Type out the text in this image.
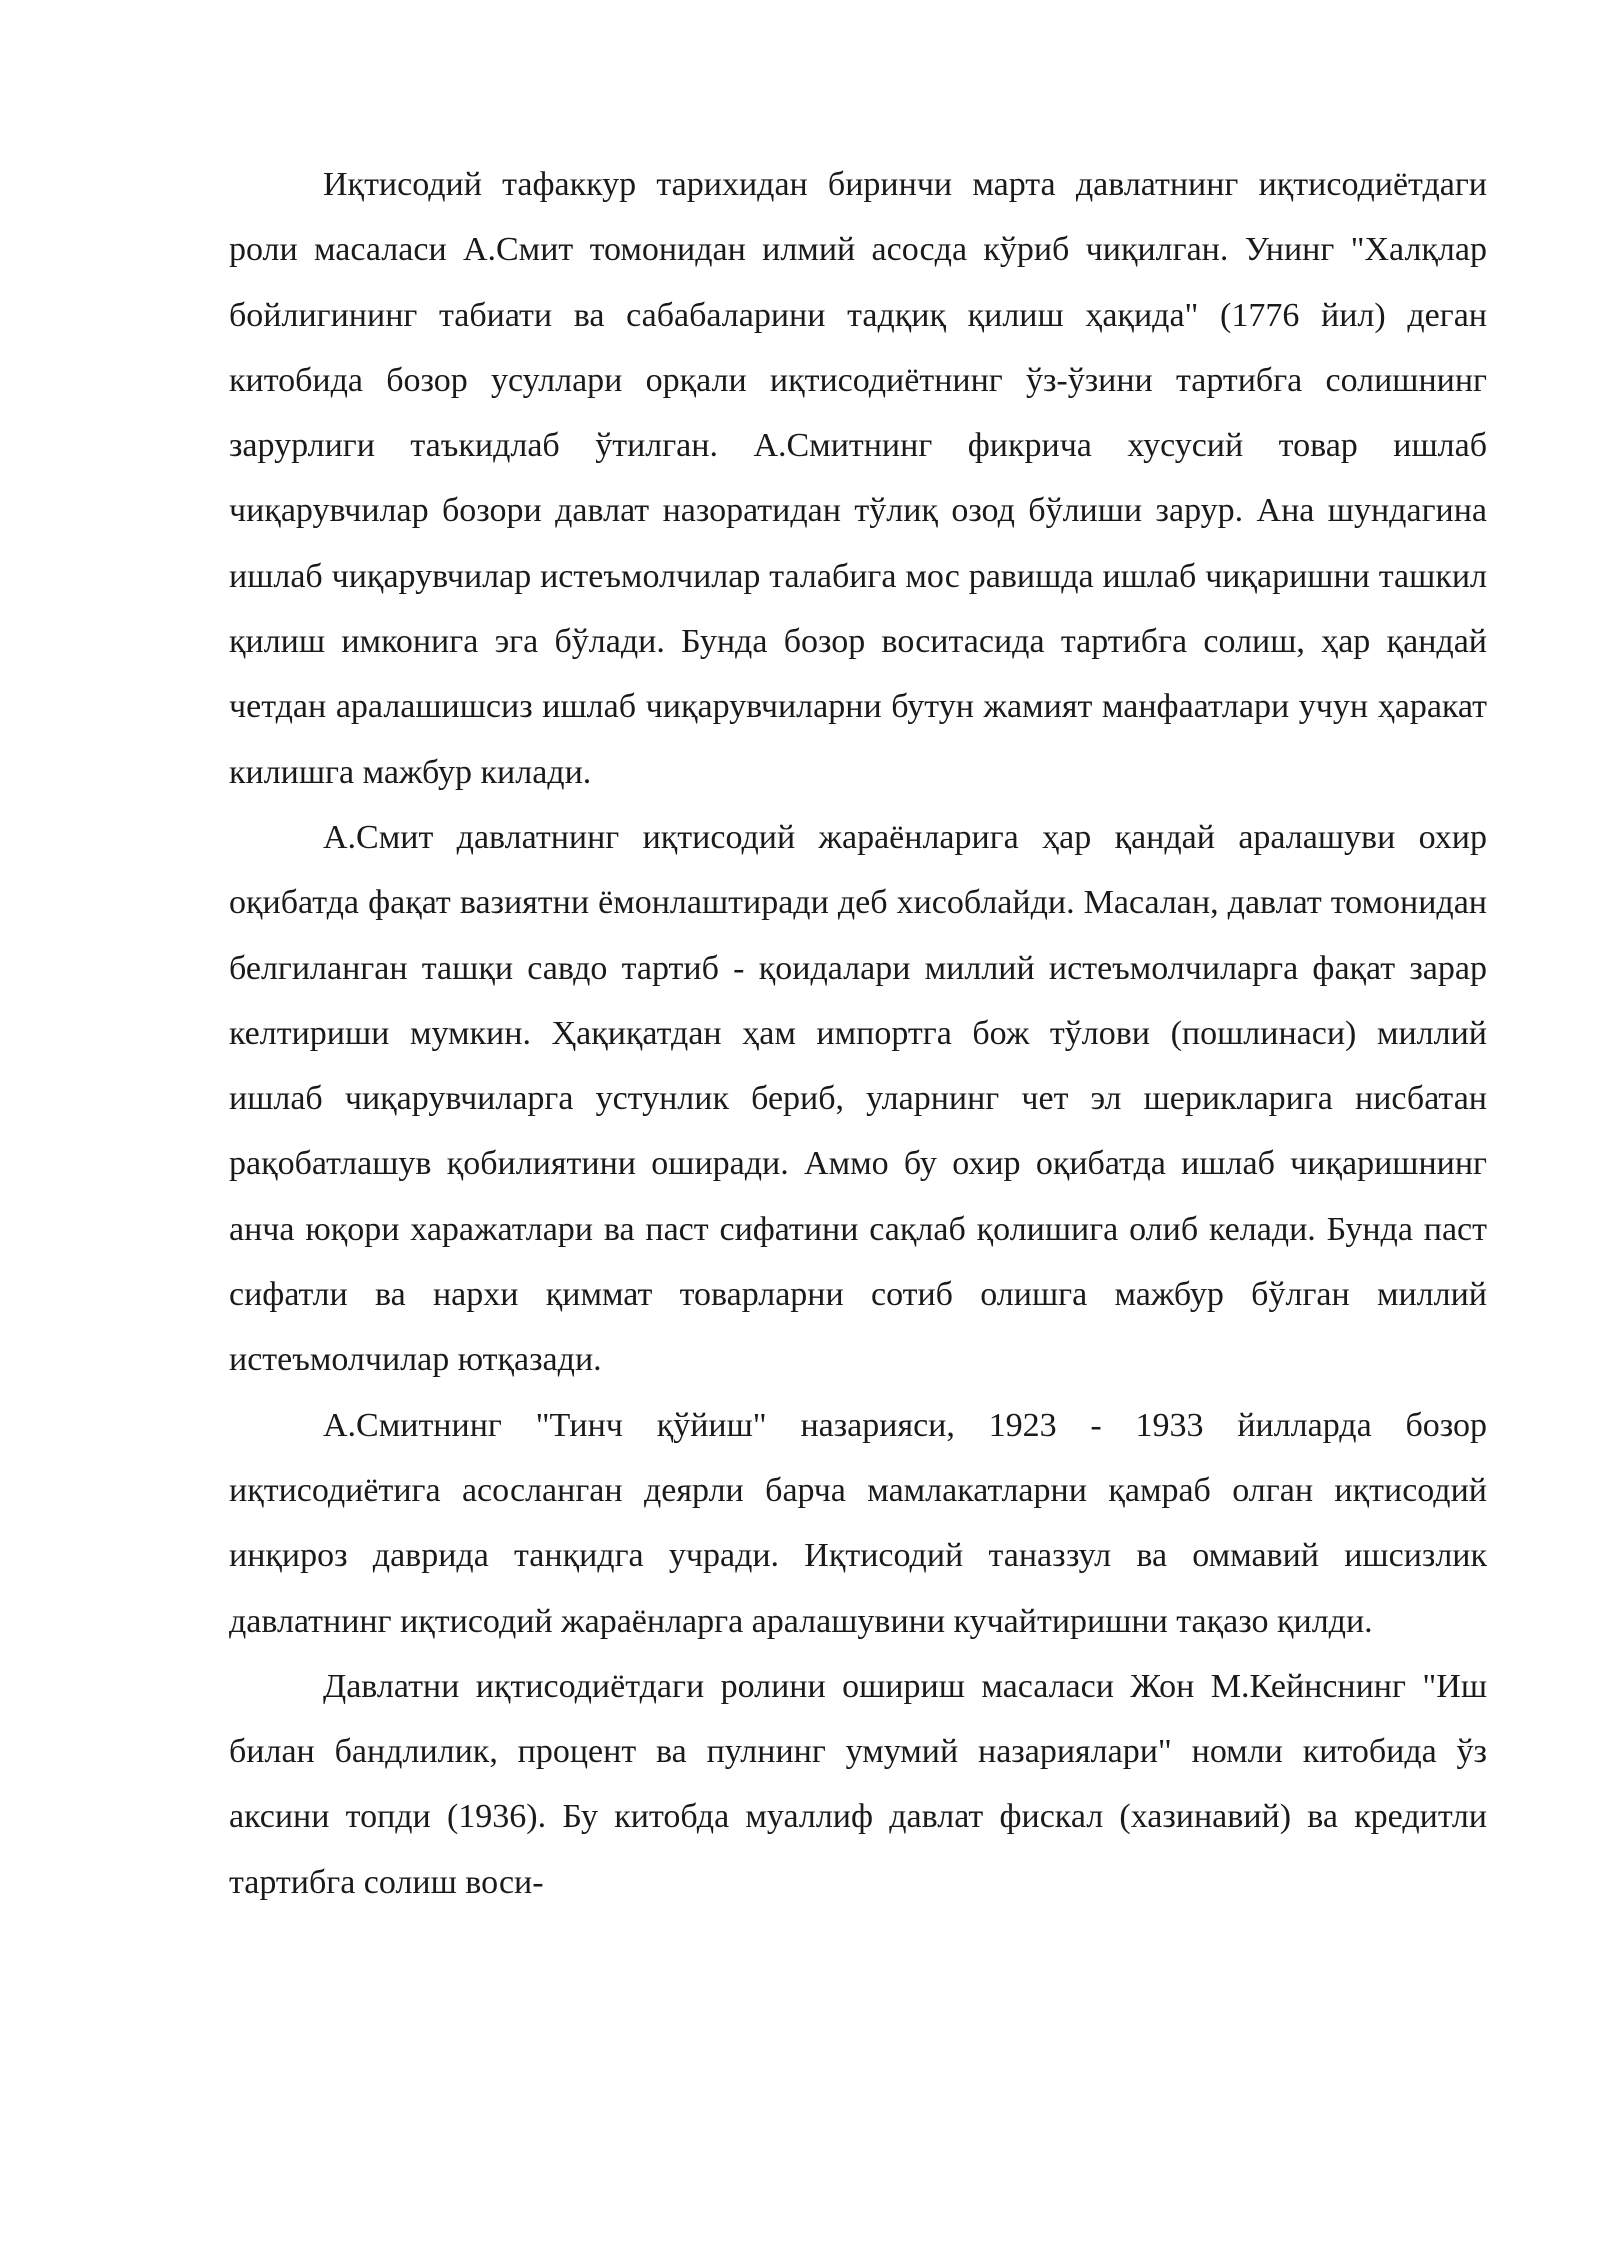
Иқтисодий тафаккур тарихидан биринчи марта давлатнинг иқтисодиётдаги роли масаласи А.Смит томонидан илмий асосда кўриб чиқилган. Унинг "Халқлар бойлигининг табиати ва сабабаларини тадқиқ қилиш ҳақида" (1776 йил) деган китобида бозор усуллари орқали иқтисодиётнинг ўз-ўзини тартибга солишнинг зарурлиги таъкидлаб ўтилган. А.Смитнинг фикрича хусусий товар ишлаб чиқарувчилар бозори давлат назоратидан тўлиқ озод бўлиши зарур. Ана шундагина ишлаб чиқарувчилар истеъмолчилар талабига мос равишда ишлаб чиқаришни ташкил қилиш имконига эга бўлади. Бунда бозор воситасида тартибга солиш, ҳар қандай четдан аралашишсиз ишлаб чиқарувчиларни бутун жамият манфаатлари учун ҳаракат килишга мажбур килади.

А.Смит давлатнинг иқтисодий жараёнларига ҳар қандай аралашуви охир оқибатда фақат вазиятни ёмонлаштиради деб хисоблайди. Масалан, давлат томонидан белгиланган ташқи савдо тартиб - қоидалари миллий истеъмолчиларга фақат зарар келтириши мумкин. Ҳақиқатдан ҳам импортга бож тўлови (пошлинаси) миллий ишлаб чиқарувчиларга устунлик бериб, уларнинг чет эл шерикларига нисбатан рақобатлашув қобилиятини оширади. Аммо бу охир оқибатда ишлаб чиқаришнинг анча юқори харажатлари ва паст сифатини сақлаб қолишига олиб келади. Бунда паст сифатли ва нархи қиммат товарларни сотиб олишга мажбур бўлган миллий истеъмолчилар ютқазади.

А.Смитнинг "Тинч қўйиш" назарияси, 1923 - 1933 йилларда бозор иқтисодиётига асосланган деярли барча мамлакатларни қамраб олган иқтисодий инқироз даврида танқидга учради. Иқтисодий таназзул ва оммавий ишсизлик давлатнинг иқтисодий жараёнларга аралашувини кучайтиришни тақазо қилди.

Давлатни иқтисодиётдаги ролини ошириш масаласи Жон М.Кейнснинг "Иш билан бандлилик, процент ва пулнинг умумий назариялари" номли китобида ўз аксини топди (1936). Бу китобда муаллиф давлат фискал (хазинавий) ва кредитли тартибга солиш воси-
